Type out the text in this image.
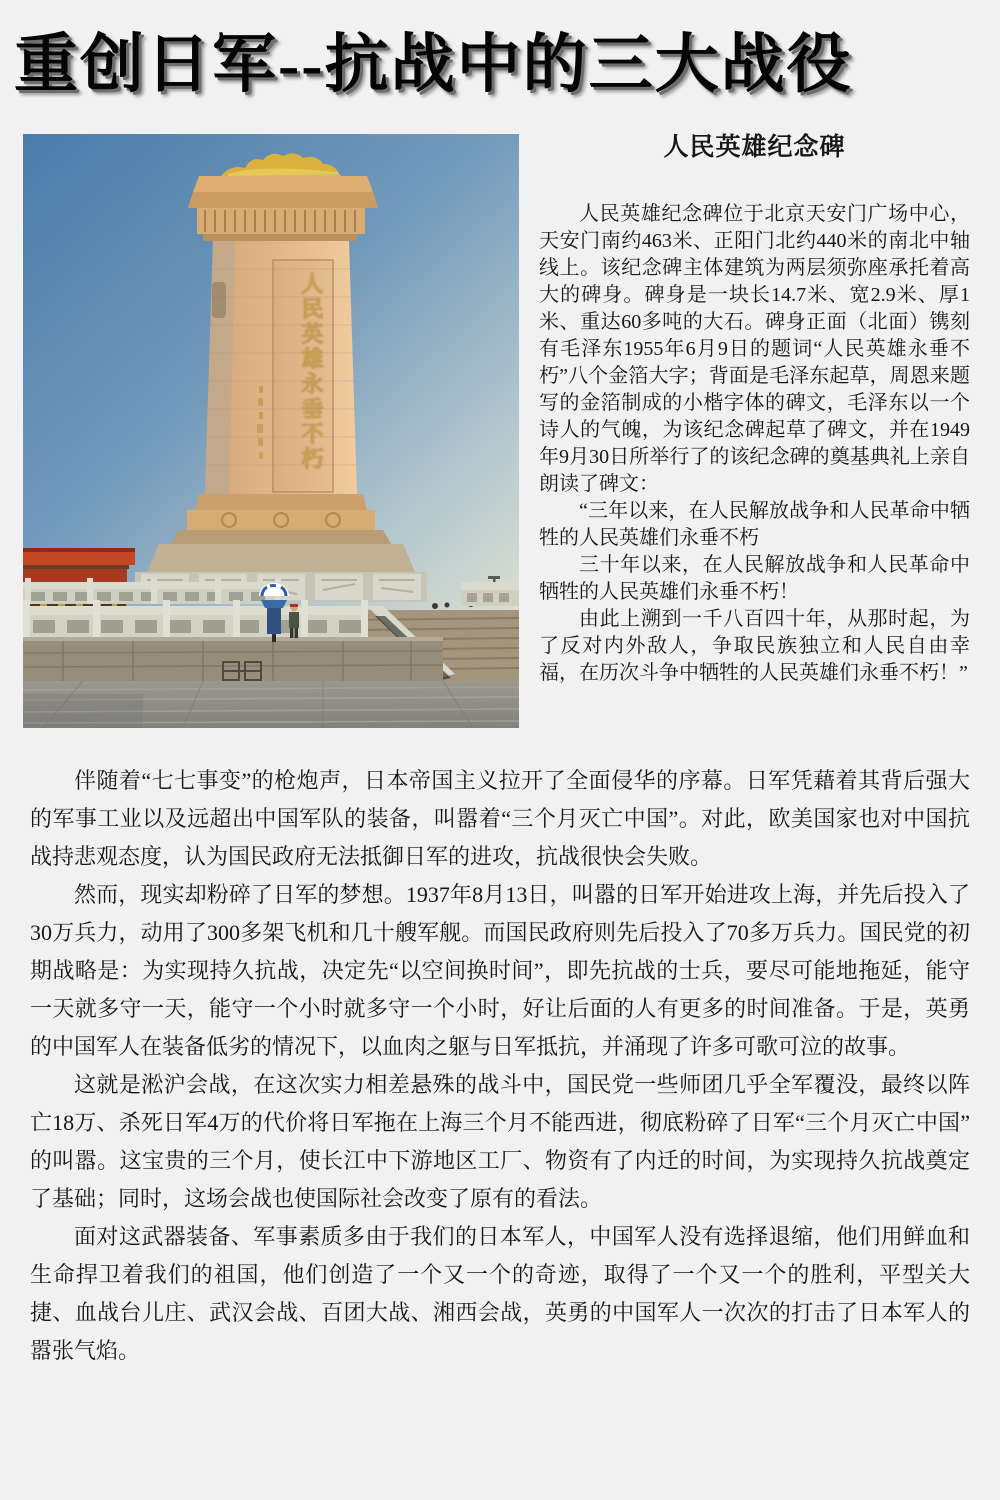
重创日军--抗战中的三大战役
人民英雄永垂不朽
人民英雄纪念碑

人民英雄纪念碑位于北京天安门广场中心，天安门南约463米、正阳门北约440米的南北中轴线上。该纪念碑主体建筑为两层须弥座承托着高大的碑身。碑身是一块长14.7米、宽2.9米、厚1米、重达60多吨的大石。碑身正面（北面）镌刻有毛泽东1955年6月9日的题词“人民英雄永垂不朽”八个金箔大字；背面是毛泽东起草，周恩来题写的金箔制成的小楷字体的碑文，毛泽东以一个诗人的气魄，为该纪念碑起草了碑文，并在1949年9月30日所举行了的该纪念碑的奠基典礼上亲自朗读了碑文：

“三年以来，在人民解放战争和人民革命中牺牲的人民英雄们永垂不朽

三十年以来，在人民解放战争和人民革命中牺牲的人民英雄们永垂不朽！

由此上溯到一千八百四十年，从那时起，为了反对内外敌人，争取民族独立和人民自由幸福，在历次斗争中牺牲的人民英雄们永垂不朽！”

伴随着“七七事变”的枪炮声，日本帝国主义拉开了全面侵华的序幕。日军凭藉着其背后强大的军事工业以及远超出中国军队的装备，叫嚣着“三个月灭亡中国”。对此，欧美国家也对中国抗战持悲观态度，认为国民政府无法抵御日军的进攻，抗战很快会失败。

然而，现实却粉碎了日军的梦想。1937年8月13日，叫嚣的日军开始进攻上海，并先后投入了30万兵力，动用了300多架飞机和几十艘军舰。而国民政府则先后投入了70多万兵力。国民党的初期战略是：为实现持久抗战，决定先“以空间换时间”，即先抗战的士兵，要尽可能地拖延，能守一天就多守一天，能守一个小时就多守一个小时，好让后面的人有更多的时间准备。于是，英勇的中国军人在装备低劣的情况下，以血肉之躯与日军抵抗，并涌现了许多可歌可泣的故事。

这就是淞沪会战，在这次实力相差悬殊的战斗中，国民党一些师团几乎全军覆没，最终以阵亡18万、杀死日军4万的代价将日军拖在上海三个月不能西进，彻底粉碎了日军“三个月灭亡中国”的叫嚣。这宝贵的三个月，使长江中下游地区工厂、物资有了内迁的时间，为实现持久抗战奠定了基础；同时，这场会战也使国际社会改变了原有的看法。

面对这武器装备、军事素质多由于我们的日本军人，中国军人没有选择退缩，他们用鲜血和生命捍卫着我们的祖国，他们创造了一个又一个的奇迹，取得了一个又一个的胜利，平型关大捷、血战台儿庄、武汉会战、百团大战、湘西会战，英勇的中国军人一次次的打击了日本军人的嚣张气焰。
